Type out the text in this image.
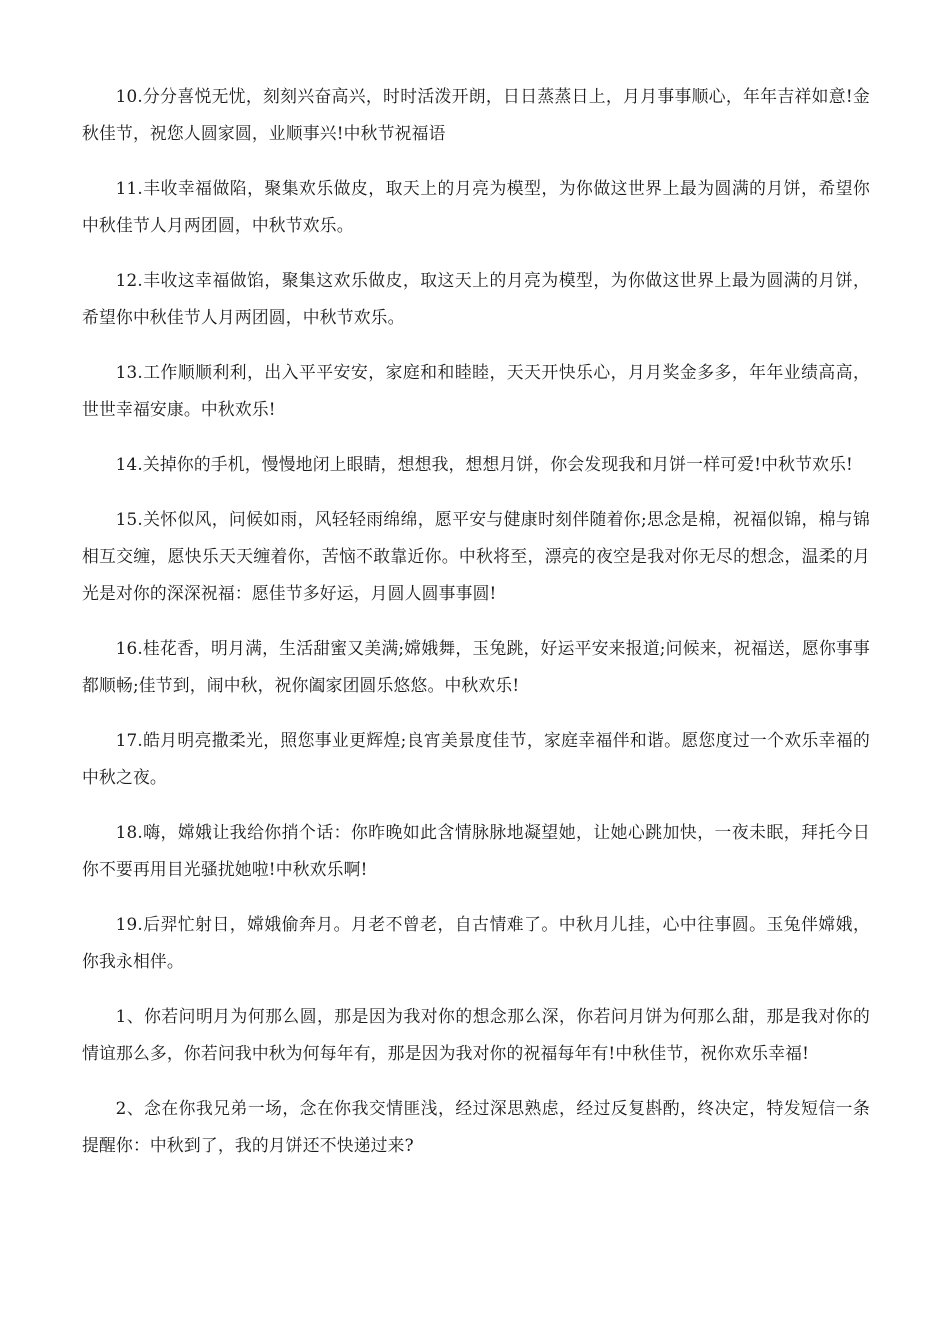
10.分分喜悦无忧，刻刻兴奋高兴，时时活泼开朗，日日蒸蒸日上，月月事事顺心，年年吉祥如意!金秋佳节，祝您人圆家圆，业顺事兴!中秋节祝福语

11.丰收幸福做陷，聚集欢乐做皮，取天上的月亮为模型，为你做这世界上最为圆满的月饼，希望你中秋佳节人月两团圆，中秋节欢乐。

12.丰收这幸福做馅，聚集这欢乐做皮，取这天上的月亮为模型，为你做这世界上最为圆满的月饼，希望你中秋佳节人月两团圆，中秋节欢乐。

13.工作顺顺利利，出入平平安安，家庭和和睦睦，天天开快乐心，月月奖金多多，年年业绩高高，世世幸福安康。中秋欢乐!

14.关掉你的手机，慢慢地闭上眼睛，想想我，想想月饼，你会发现我和月饼一样可爱!中秋节欢乐!

15.关怀似风，问候如雨，风轻轻雨绵绵，愿平安与健康时刻伴随着你;思念是棉，祝福似锦，棉与锦相互交缠，愿快乐天天缠着你，苦恼不敢靠近你。中秋将至，漂亮的夜空是我对你无尽的想念，温柔的月光是对你的深深祝福：愿佳节多好运，月圆人圆事事圆!

16.桂花香，明月满，生活甜蜜又美满;嫦娥舞，玉兔跳，好运平安来报道;问候来，祝福送，愿你事事都顺畅;佳节到，闹中秋，祝你阖家团圆乐悠悠。中秋欢乐!

17.皓月明亮撒柔光，照您事业更辉煌;良宵美景度佳节，家庭幸福伴和谐。愿您度过一个欢乐幸福的中秋之夜。

18.嗨，嫦娥让我给你捎个话：你昨晚如此含情脉脉地凝望她，让她心跳加快，一夜未眠，拜托今日你不要再用目光骚扰她啦!中秋欢乐啊!

19.后羿忙射日，嫦娥偷奔月。月老不曾老，自古情难了。中秋月儿挂，心中往事圆。玉兔伴嫦娥，你我永相伴。

1、你若问明月为何那么圆，那是因为我对你的想念那么深，你若问月饼为何那么甜，那是我对你的情谊那么多，你若问我中秋为何每年有，那是因为我对你的祝福每年有!中秋佳节，祝你欢乐幸福!

2、念在你我兄弟一场，念在你我交情匪浅，经过深思熟虑，经过反复斟酌，终决定，特发短信一条提醒你：中秋到了，我的月饼还不快递过来?
